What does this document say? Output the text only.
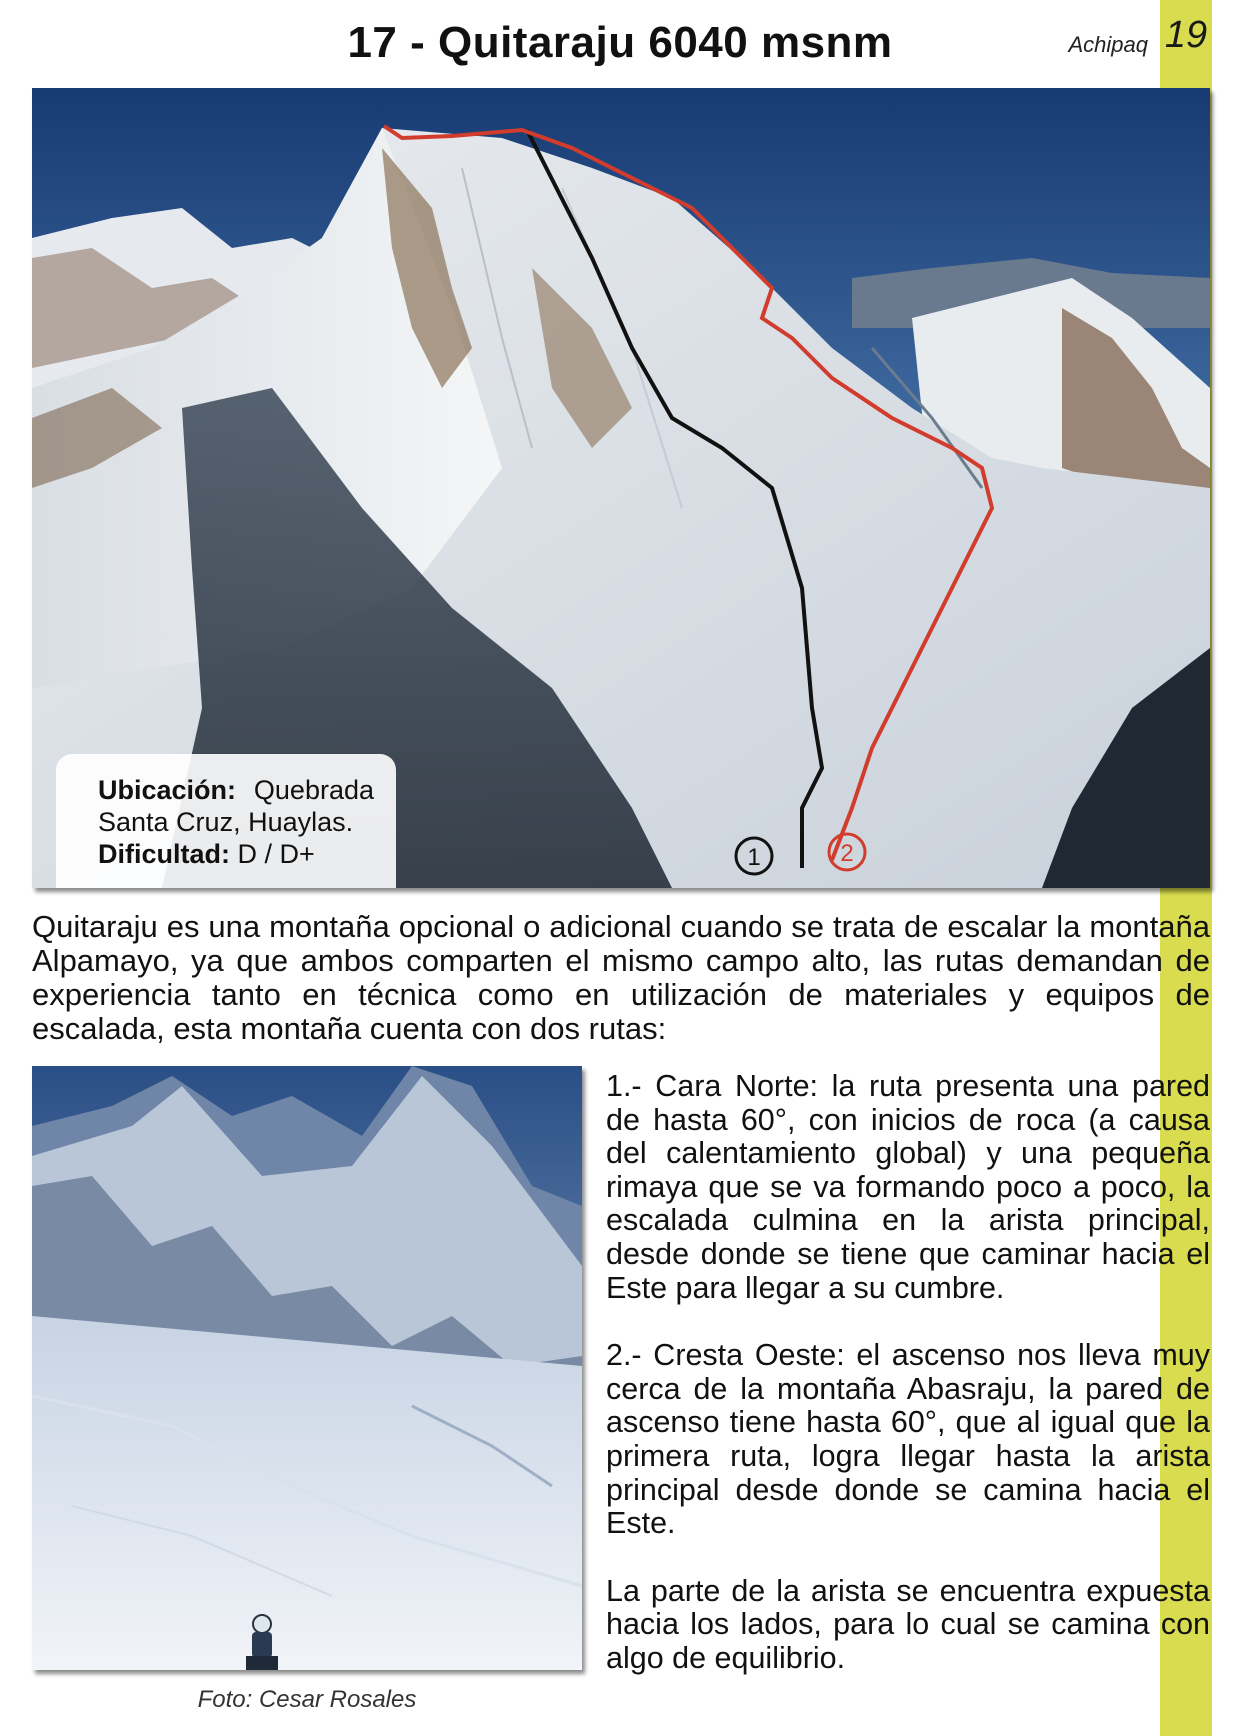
19
Achipaq
17 - Quitaraju 6040 msnm
1	2
Ubicación: Quebrada
Santa Cruz, Huaylas.
Dificultad: D / D+
Quitaraju es una montaña opcional o adicional cuando se trata de escalar la montaña Alpamayo, ya que ambos comparten el mismo campo alto, las rutas demandan de experiencia tanto en técnica como en utilización de materiales y equipos de escalada, esta montaña cuenta con dos rutas:
Foto: Cesar Rosales

1.- Cara Norte: la ruta presenta una pared de hasta 60°, con inicios de roca (a causa del calentamiento global) y una pequeña rimaya que se va formando poco a poco, la escalada culmina en la arista principal, desde donde se tiene que caminar hacia el Este para llegar a su cumbre.

2.- Cresta Oeste: el ascenso nos lleva muy cerca de la montaña Abasraju, la pared de ascenso tiene hasta 60°, que al igual que la primera ruta, logra llegar hasta la arista principal desde donde se camina hacia el Este.

La parte de la arista se encuentra expuesta hacia los lados, para lo cual se camina con algo de equilibrio.
